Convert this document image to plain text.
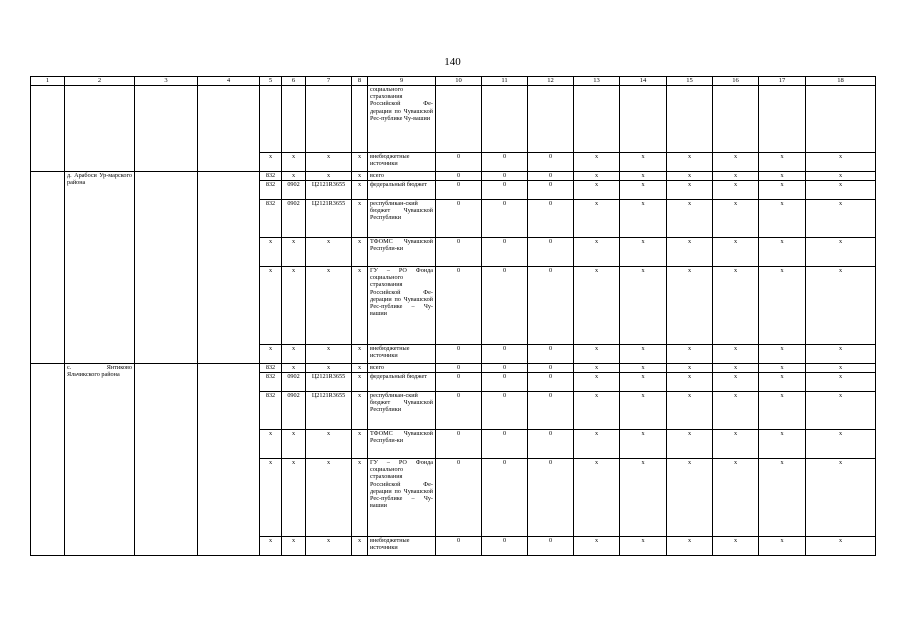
140
1	2	3	4	5	6	7	8	9	10	11	12	13	14	15	16	17	18
								социального страхования Российской Фе-дерации по Чувашской Рес-публике Чу-вашии									
				x	x	x	x	внебюджетные источники	0	0	0	x	x	x	x	x	x
	д. Арабоси Ур-марского района			832	x	x	x	всего	0	0	0	x	x	x	x	x	x
				832	0902	Ц2121R3655	x	федеральный бюджет	0	0	0	x	x	x	x	x	x
				832	0902	Ц2121R3655	x	республикан-ский бюджет Чувашской Республики	0	0	0	x	x	x	x	x	x
				x	x	x	x	ТФОМС Чувашской Республи-ки	0	0	0	x	x	x	x	x	x
				x	x	x	x	ГУ – РО Фонда социального страхования Российской Фе-дерации по Чувашской Рес-публике – Чу-вашии	0	0	0	x	x	x	x	x	x
				x	x	x	x	внебюджетные источники	0	0	0	x	x	x	x	x	x
	с. Янтиково Яльчикского района			832	x	x	x	всего	0	0	0	x	x	x	x	x	x
				832	0902	Ц2121R3655	x	федеральный бюджет	0	0	0	x	x	x	x	x	x
				832	0902	Ц2121R3655	x	республикан-ский бюджет Чувашской Республики	0	0	0	x	x	x	x	x	x
				x	x	x	x	ТФОМС Чувашской Республи-ки	0	0	0	x	x	x	x	x	x
				x	x	x	x	ГУ – РО Фонда социального страхования Российской Фе-дерации по Чувашской Рес-публике – Чу-вашии	0	0	0	x	x	x	x	x	x
				x	x	x	x	внебюджетные источники	0	0	0	x	x	x	x	x	x
